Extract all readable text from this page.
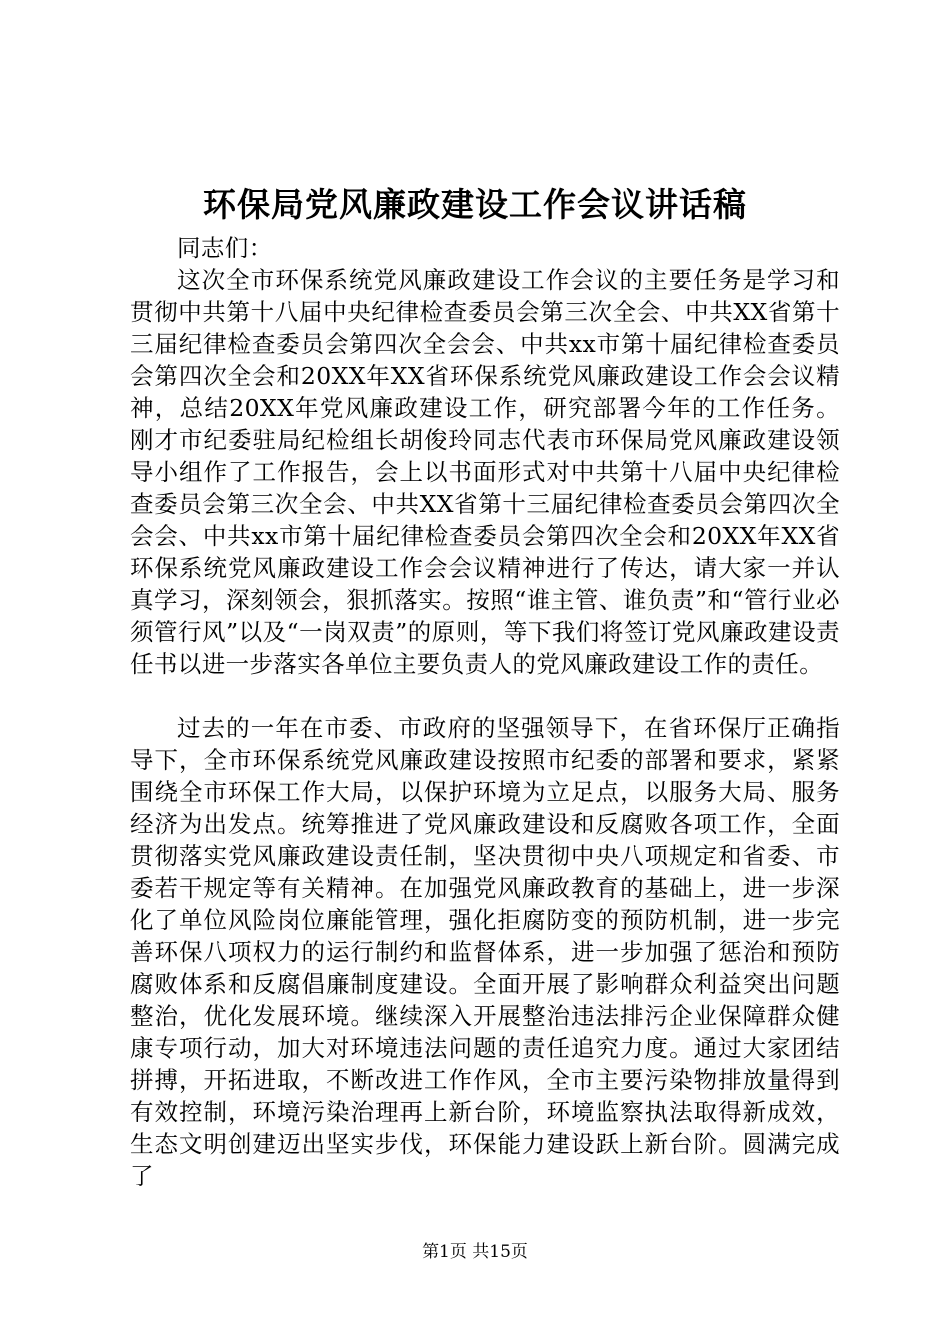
环保局党风廉政建设工作会议讲话稿

同志们：

这次全市环保系统党风廉政建设工作会议的主要任务是学习和贯彻中共第十八届中央纪律检查委员会第三次全会、中共XX省第十三届纪律检查委员会第四次全会会、中共xx市第十届纪律检查委员会第四次全会和20XX年XX省环保系统党风廉政建设工作会会议精神，总结20XX年党风廉政建设工作，研究部署今年的工作任务。刚才市纪委驻局纪检组长胡俊玲同志代表市环保局党风廉政建设领导小组作了工作报告，会上以书面形式对中共第十八届中央纪律检查委员会第三次全会、中共XX省第十三届纪律检查委员会第四次全会会、中共xx市第十届纪律检查委员会第四次全会和20XX年XX省环保系统党风廉政建设工作会会议精神进行了传达，请大家一并认真学习，深刻领会，狠抓落实。按照“谁主管、谁负责”和“管行业必须管行风”以及“一岗双责”的原则，等下我们将签订党风廉政建设责任书以进一步落实各单位主要负责人的党风廉政建设工作的责任。

过去的一年在市委、市政府的坚强领导下，在省环保厅正确指导下，全市环保系统党风廉政建设按照市纪委的部署和要求，紧紧围绕全市环保工作大局，以保护环境为立足点，以服务大局、服务经济为出发点。统筹推进了党风廉政建设和反腐败各项工作，全面贯彻落实党风廉政建设责任制，坚决贯彻中央八项规定和省委、市委若干规定等有关精神。在加强党风廉政教育的基础上，进一步深化了单位风险岗位廉能管理，强化拒腐防变的预防机制，进一步完善环保八项权力的运行制约和监督体系，进一步加强了惩治和预防腐败体系和反腐倡廉制度建设。全面开展了影响群众利益突出问题整治，优化发展环境。继续深入开展整治违法排污企业保障群众健康专项行动，加大对环境违法问题的责任追究力度。通过大家团结拼搏，开拓进取，不断改进工作作风，全市主要污染物排放量得到有效控制，环境污染治理再上新台阶，环境监察执法取得新成效，生态文明创建迈出坚实步伐，环保能力建设跃上新台阶。圆满完成了

第1页 共15页
